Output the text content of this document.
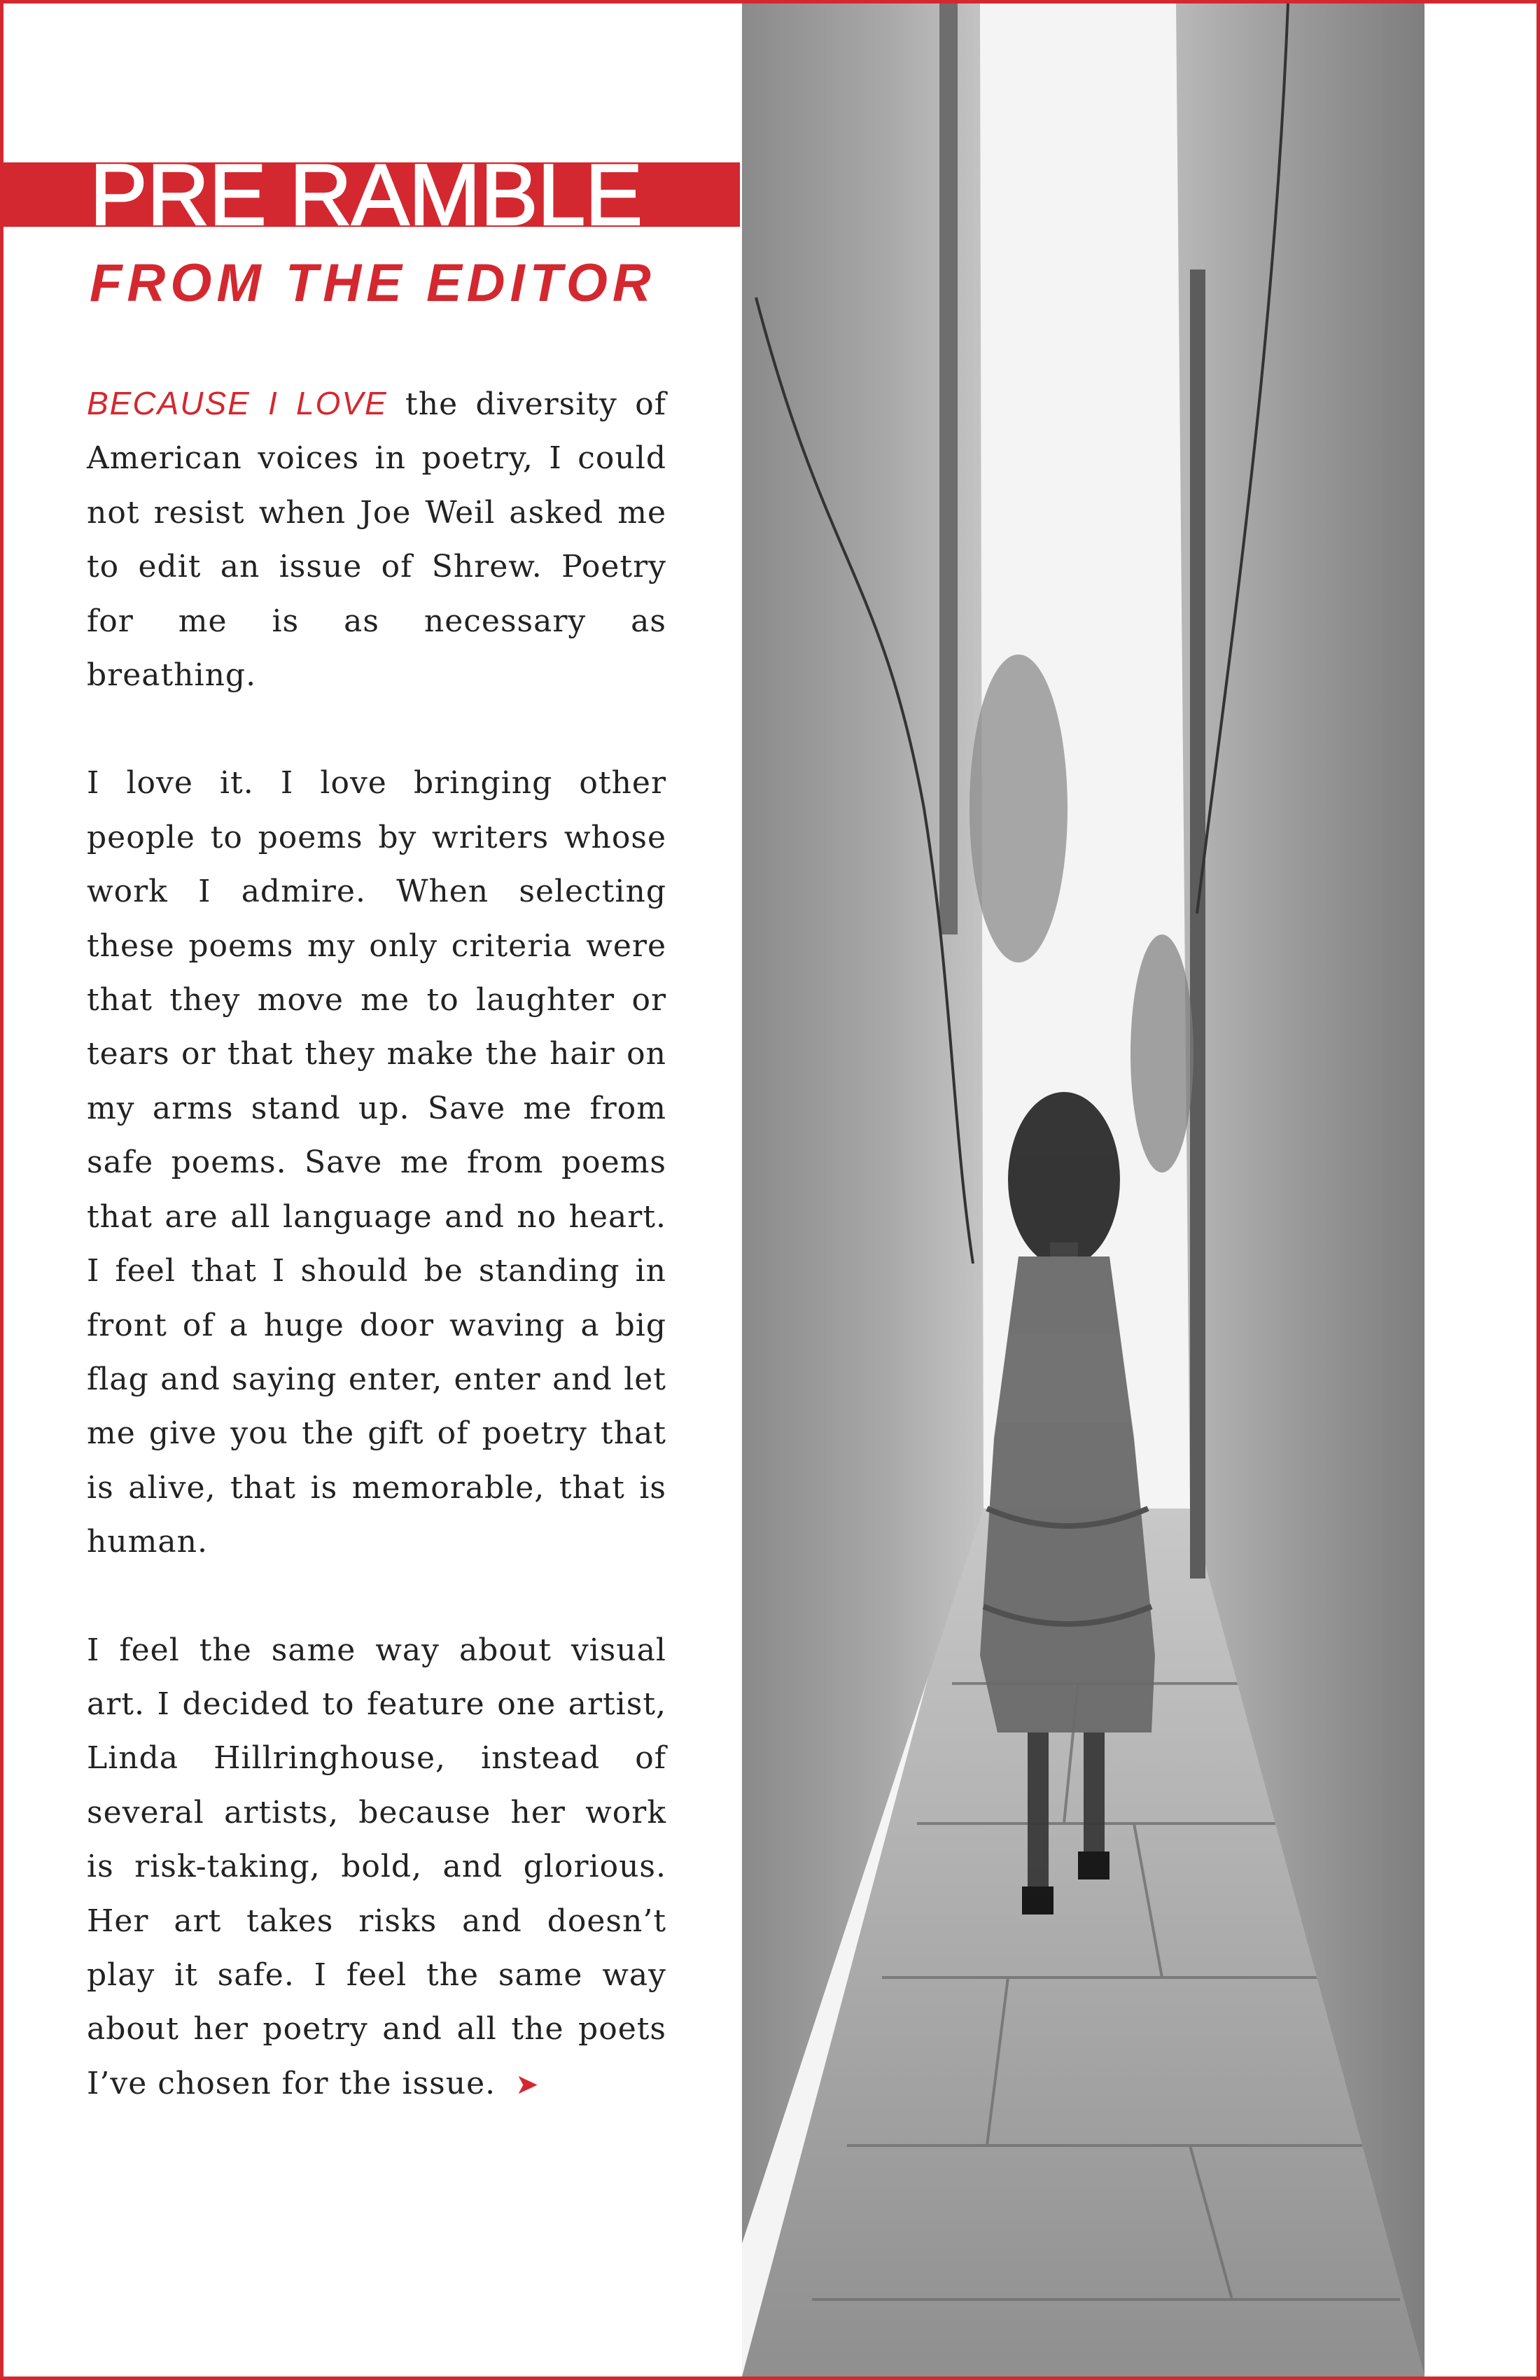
PRE RAMBLE
FROM THE EDITOR

BECAUSE I LOVE the diversity of American voices in poetry, I could not resist when Joe Weil asked me to edit an issue of Shrew. Poetry for me is as necessary as breathing.

I love it. I love bringing other people to poems by writers whose work I admire. When selecting these poems my only criteria were that they move me to laughter or tears or that they make the hair on my arms stand up. Save me from safe poems. Save me from poems that are all language and no heart. I feel that I should be standing in front of a huge door waving a big flag and saying enter, enter and let me give you the gift of poetry that is alive, that is memorable, that is human.

I feel the same way about visual art. I decided to feature one artist, Linda Hillringhouse, instead of several artists, because her work is risk-taking, bold, and glorious. Her art takes risks and doesn’t play it safe. I feel the same way about her poetry and all the poets I’ve chosen for the issue. ➤
